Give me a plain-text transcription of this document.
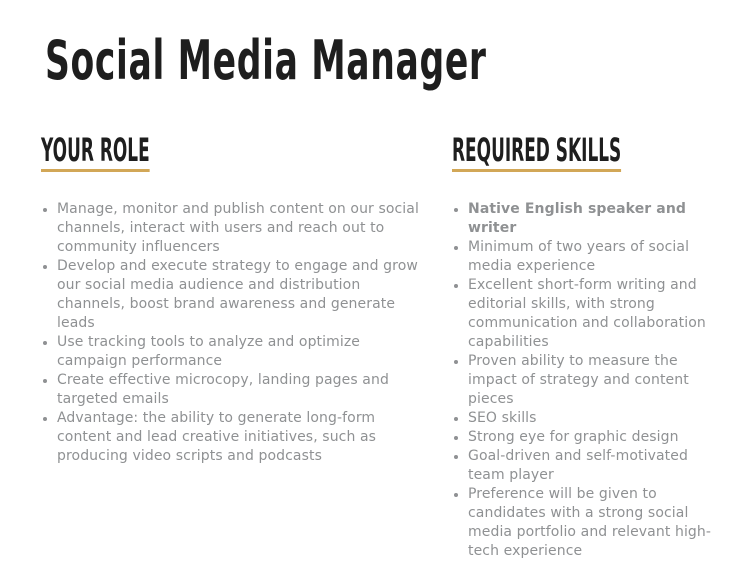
Social Media Manager
YOUR ROLE
• Manage, monitor and publish content on our social channels, interact with users and reach out to community influencers
• Develop and execute strategy to engage and grow our social media audience and distribution channels, boost brand awareness and generate leads
• Use tracking tools to analyze and optimize campaign performance
• Create effective microcopy, landing pages and targeted emails
• Advantage: the ability to generate long-form content and lead creative initiatives, such as producing video scripts and podcasts
REQUIRED SKILLS
• Native English speaker and writer
• Minimum of two years of social media experience
• Excellent short-form writing and editorial skills, with strong communication and collaboration capabilities
• Proven ability to measure the impact of strategy and content pieces
• SEO skills
• Strong eye for graphic design
• Goal-driven and self-motivated team player
• Preference will be given to candidates with a strong social media portfolio and relevant high-tech experience
